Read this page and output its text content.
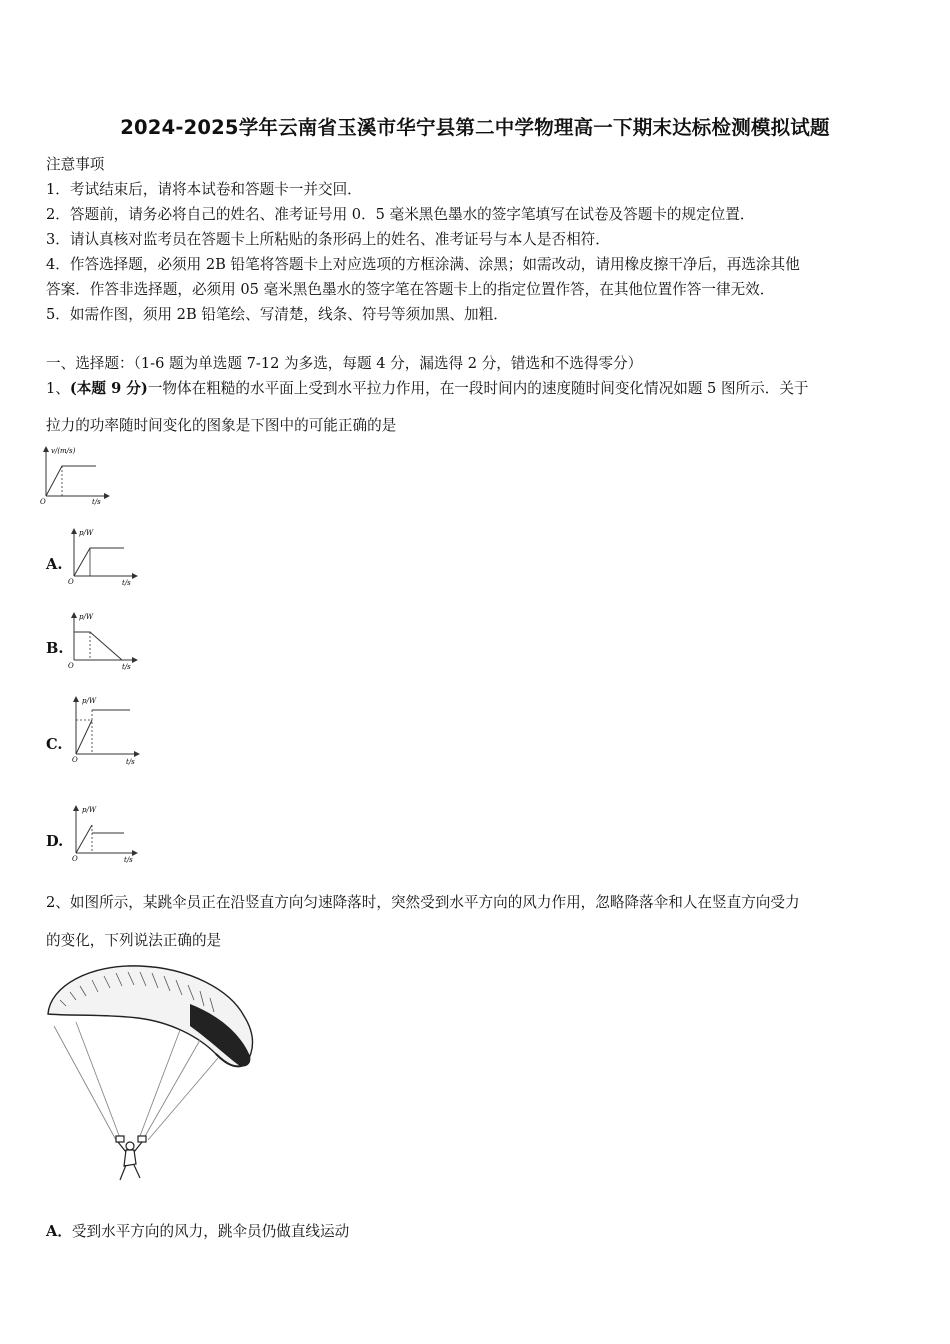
2024-2025学年云南省玉溪市华宁县第二中学物理高一下期末达标检测模拟试题
注意事项
1．考试结束后，请将本试卷和答题卡一并交回．
2．答题前，请务必将自己的姓名、准考证号用 0．5 毫米黑色墨水的签字笔填写在试卷及答题卡的规定位置．
3．请认真核对监考员在答题卡上所粘贴的条形码上的姓名、准考证号与本人是否相符．
4．作答选择题，必须用 2B 铅笔将答题卡上对应选项的方框涂满、涂黑；如需改动，请用橡皮擦干净后，再选涂其他
答案．作答非选择题，必须用 05 毫米黑色墨水的签字笔在答题卡上的指定位置作答，在其他位置作答一律无效．
5．如需作图，须用 2B 铅笔绘、写清楚，线条、符号等须加黑、加粗．
一、选择题：（1-6 题为单选题 7-12 为多选，每题 4 分，漏选得 2 分，错选和不选得零分）
1、(本题 9 分)一物体在粗糙的水平面上受到水平拉力作用，在一段时间内的速度随时间变化情况如题 5 图所示．关于
拉力的功率随时间变化的图象是下图中的可能正确的是
v/(m/s)
O	t/s
A.
p/W
O	t/s
B.
p/W
O	t/s
C.
p/W
O	t/s
D.
p/W
O	t/s
2、如图所示，某跳伞员正在沿竖直方向匀速降落时，突然受到水平方向的风力作用，忽略降落伞和人在竖直方向受力
的变化，下列说法正确的是
A．受到水平方向的风力，跳伞员仍做直线运动
